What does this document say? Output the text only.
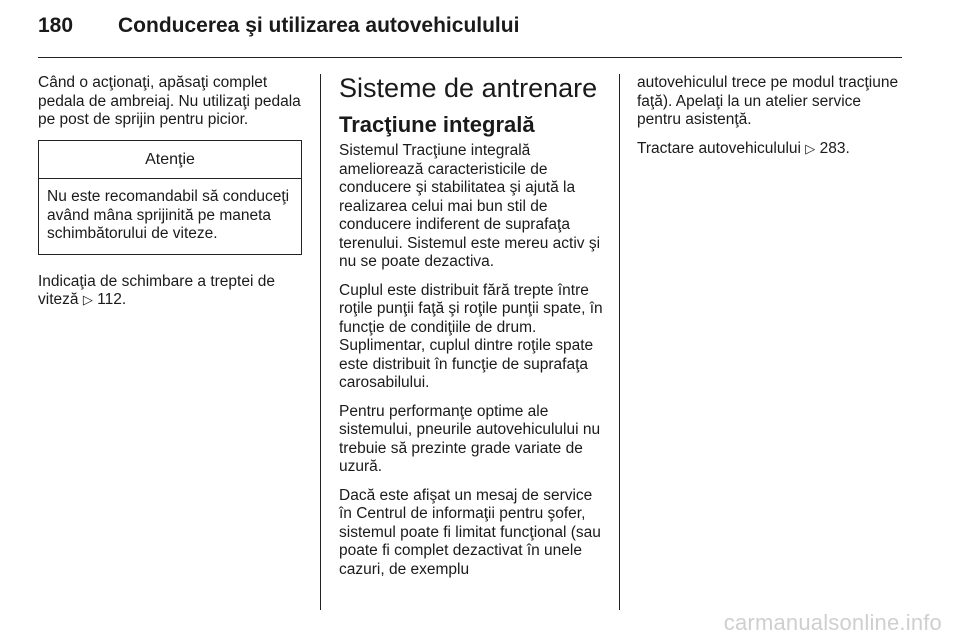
180	Conducerea şi utilizarea autovehiculului

Când o acţionaţi, apăsaţi complet pedala de ambreiaj. Nu utilizaţi pedala pe post de sprijin pentru picior.

Atenţie
Nu este recomandabil să conduceţi având mâna sprijinită pe maneta schimbătorului de viteze.

Indicaţia de schimbare a treptei de viteză ▷ 112.

Sisteme de antrenare
Tracţiune integrală

Sistemul Tracţiune integrală ameliorează caracteristicile de conducere şi stabilitatea şi ajută la realizarea celui mai bun stil de conducere indiferent de suprafaţa terenului. Sistemul este mereu activ şi nu se poate dezactiva.

Cuplul este distribuit fără trepte între roţile punţii faţă şi roţile punţii spate, în funcţie de condiţiile de drum. Suplimentar, cuplul dintre roţile spate este distribuit în funcţie de suprafaţa carosabilului.

Pentru performanţe optime ale sistemului, pneurile autovehiculului nu trebuie să prezinte grade variate de uzură.

Dacă este afişat un mesaj de service în Centrul de informaţii pentru şofer, sistemul poate fi limitat funcţional (sau poate fi complet dezactivat în unele cazuri, de exemplu

autovehiculul trece pe modul tracţiune faţă). Apelaţi la un atelier service pentru asistenţă.

Tractare autovehiculului ▷ 283.

carmanualsonline.info
